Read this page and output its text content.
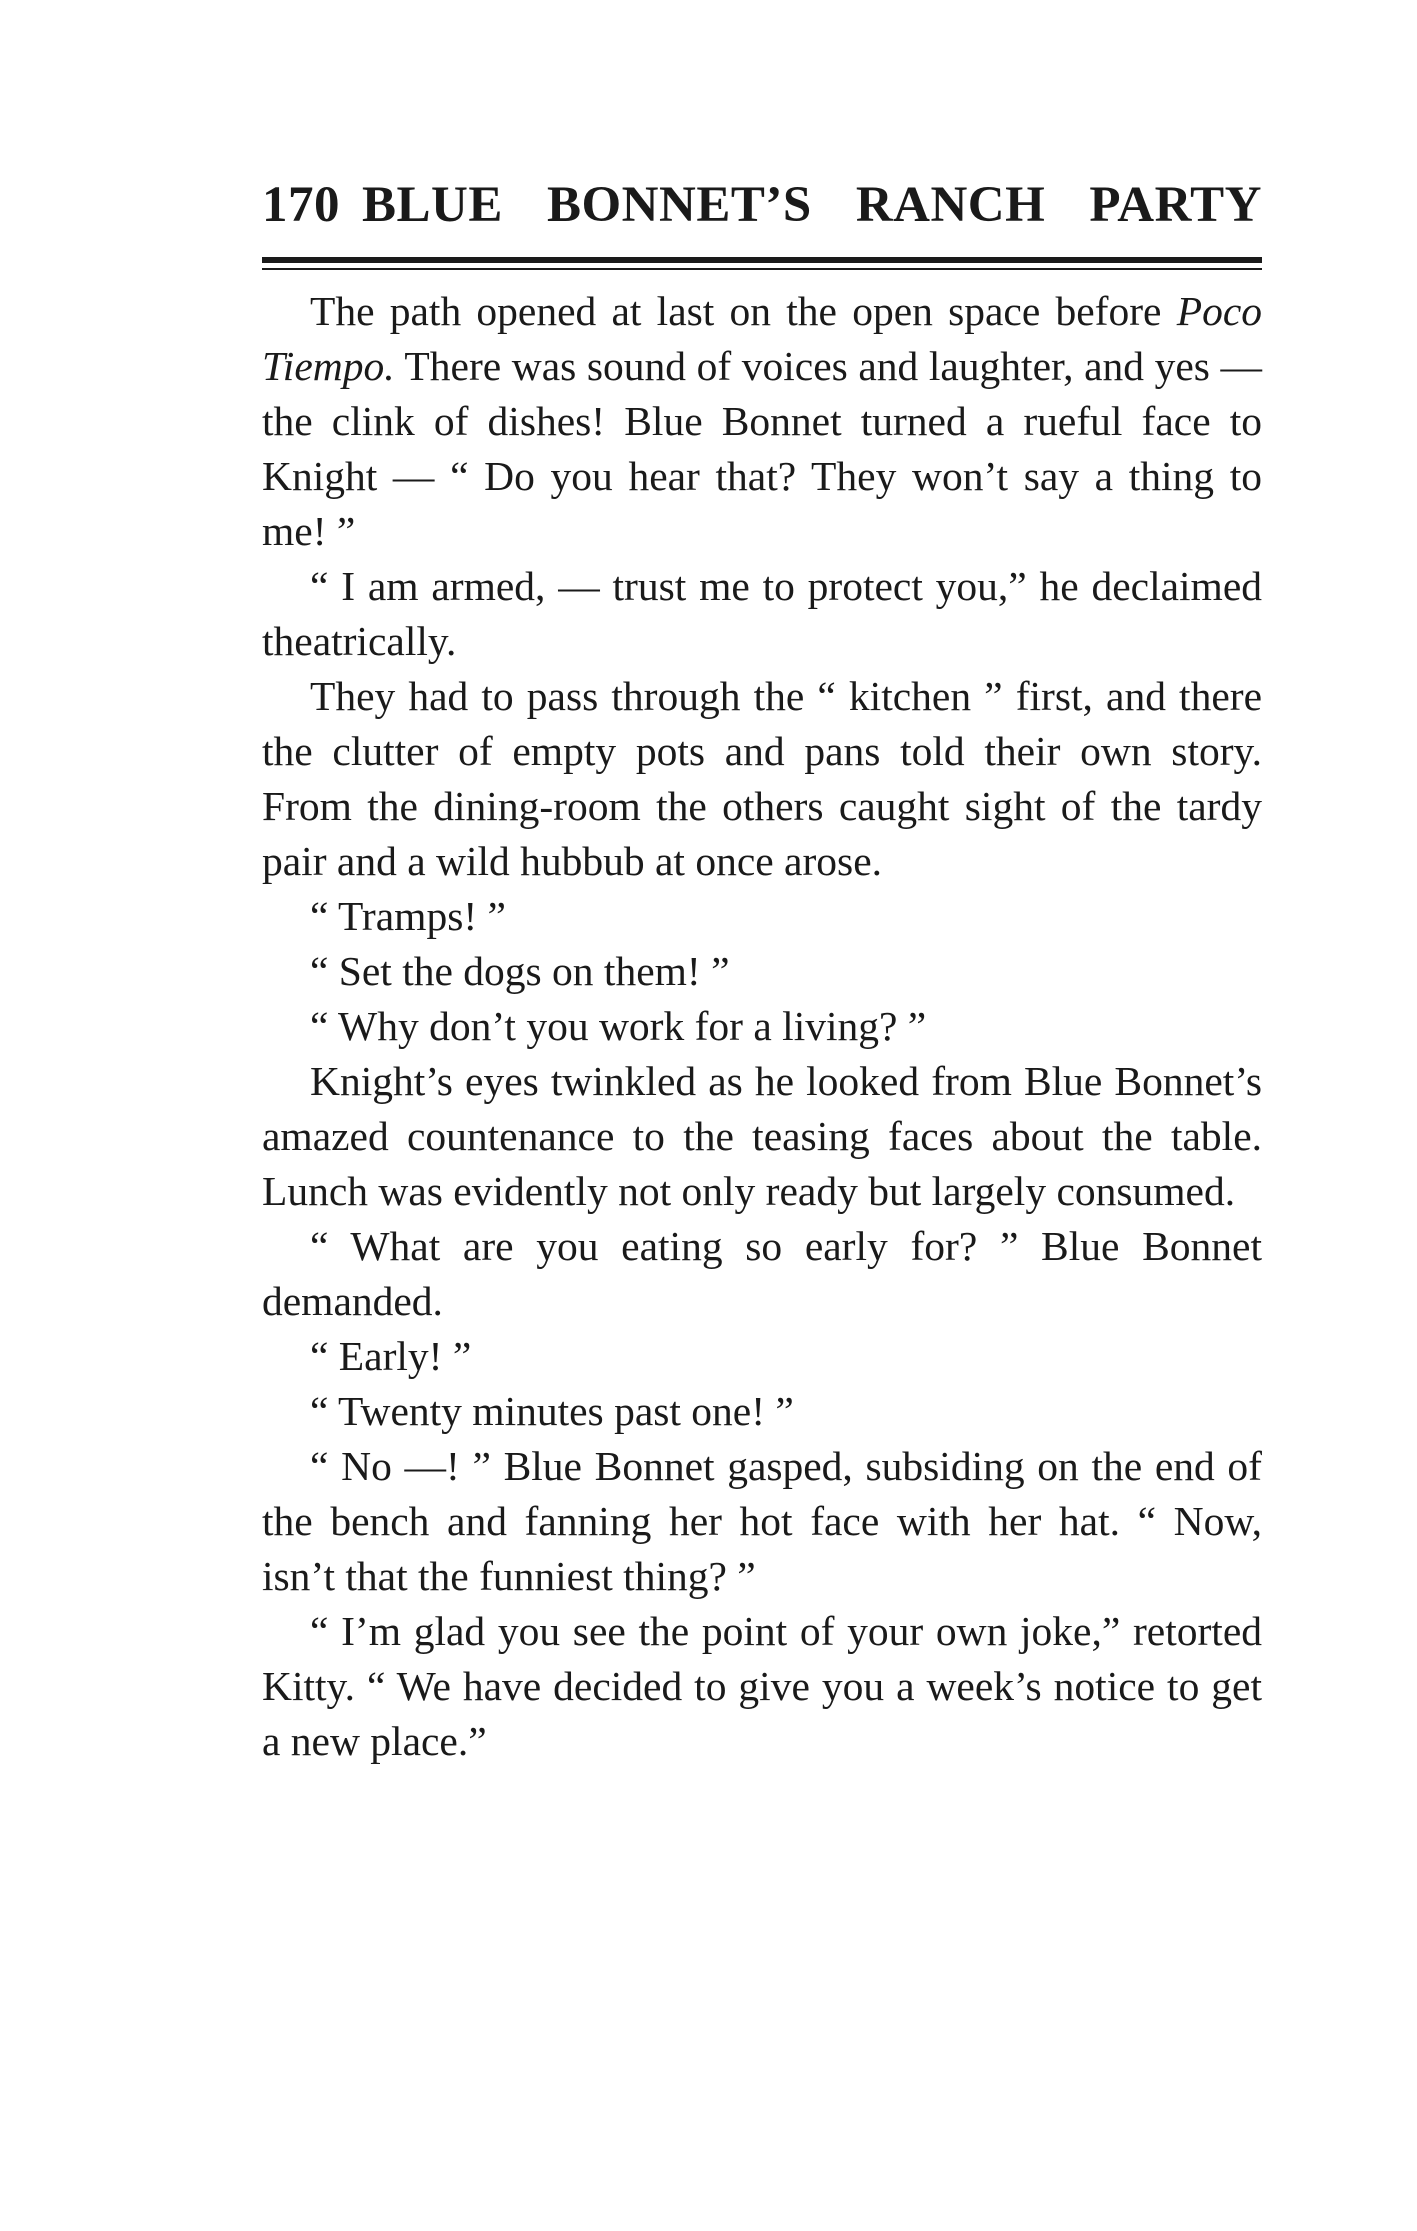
170 BLUE BONNET’S RANCH PARTY

The path opened at last on the open space before Poco Tiempo. There was sound of voices and laughter, and yes — the clink of dishes! Blue Bonnet turned a rueful face to Knight — “ Do you hear that? They won’t say a thing to me! ”

“ I am armed, — trust me to protect you,” he declaimed theatrically.

They had to pass through the “ kitchen ” first, and there the clutter of empty pots and pans told their own story. From the dining-room the others caught sight of the tardy pair and a wild hubbub at once arose.

“ Tramps! ”

“ Set the dogs on them! ”

“ Why don’t you work for a living? ”

Knight’s eyes twinkled as he looked from Blue Bonnet’s amazed countenance to the teasing faces about the table. Lunch was evidently not only ready but largely consumed.

“ What are you eating so early for? ” Blue Bonnet demanded.

“ Early! ”

“ Twenty minutes past one! ”

“ No —! ” Blue Bonnet gasped, subsiding on the end of the bench and fanning her hot face with her hat. “ Now, isn’t that the funniest thing? ”

“ I’m glad you see the point of your own joke,” retorted Kitty. “ We have decided to give you a week’s notice to get a new place.”
